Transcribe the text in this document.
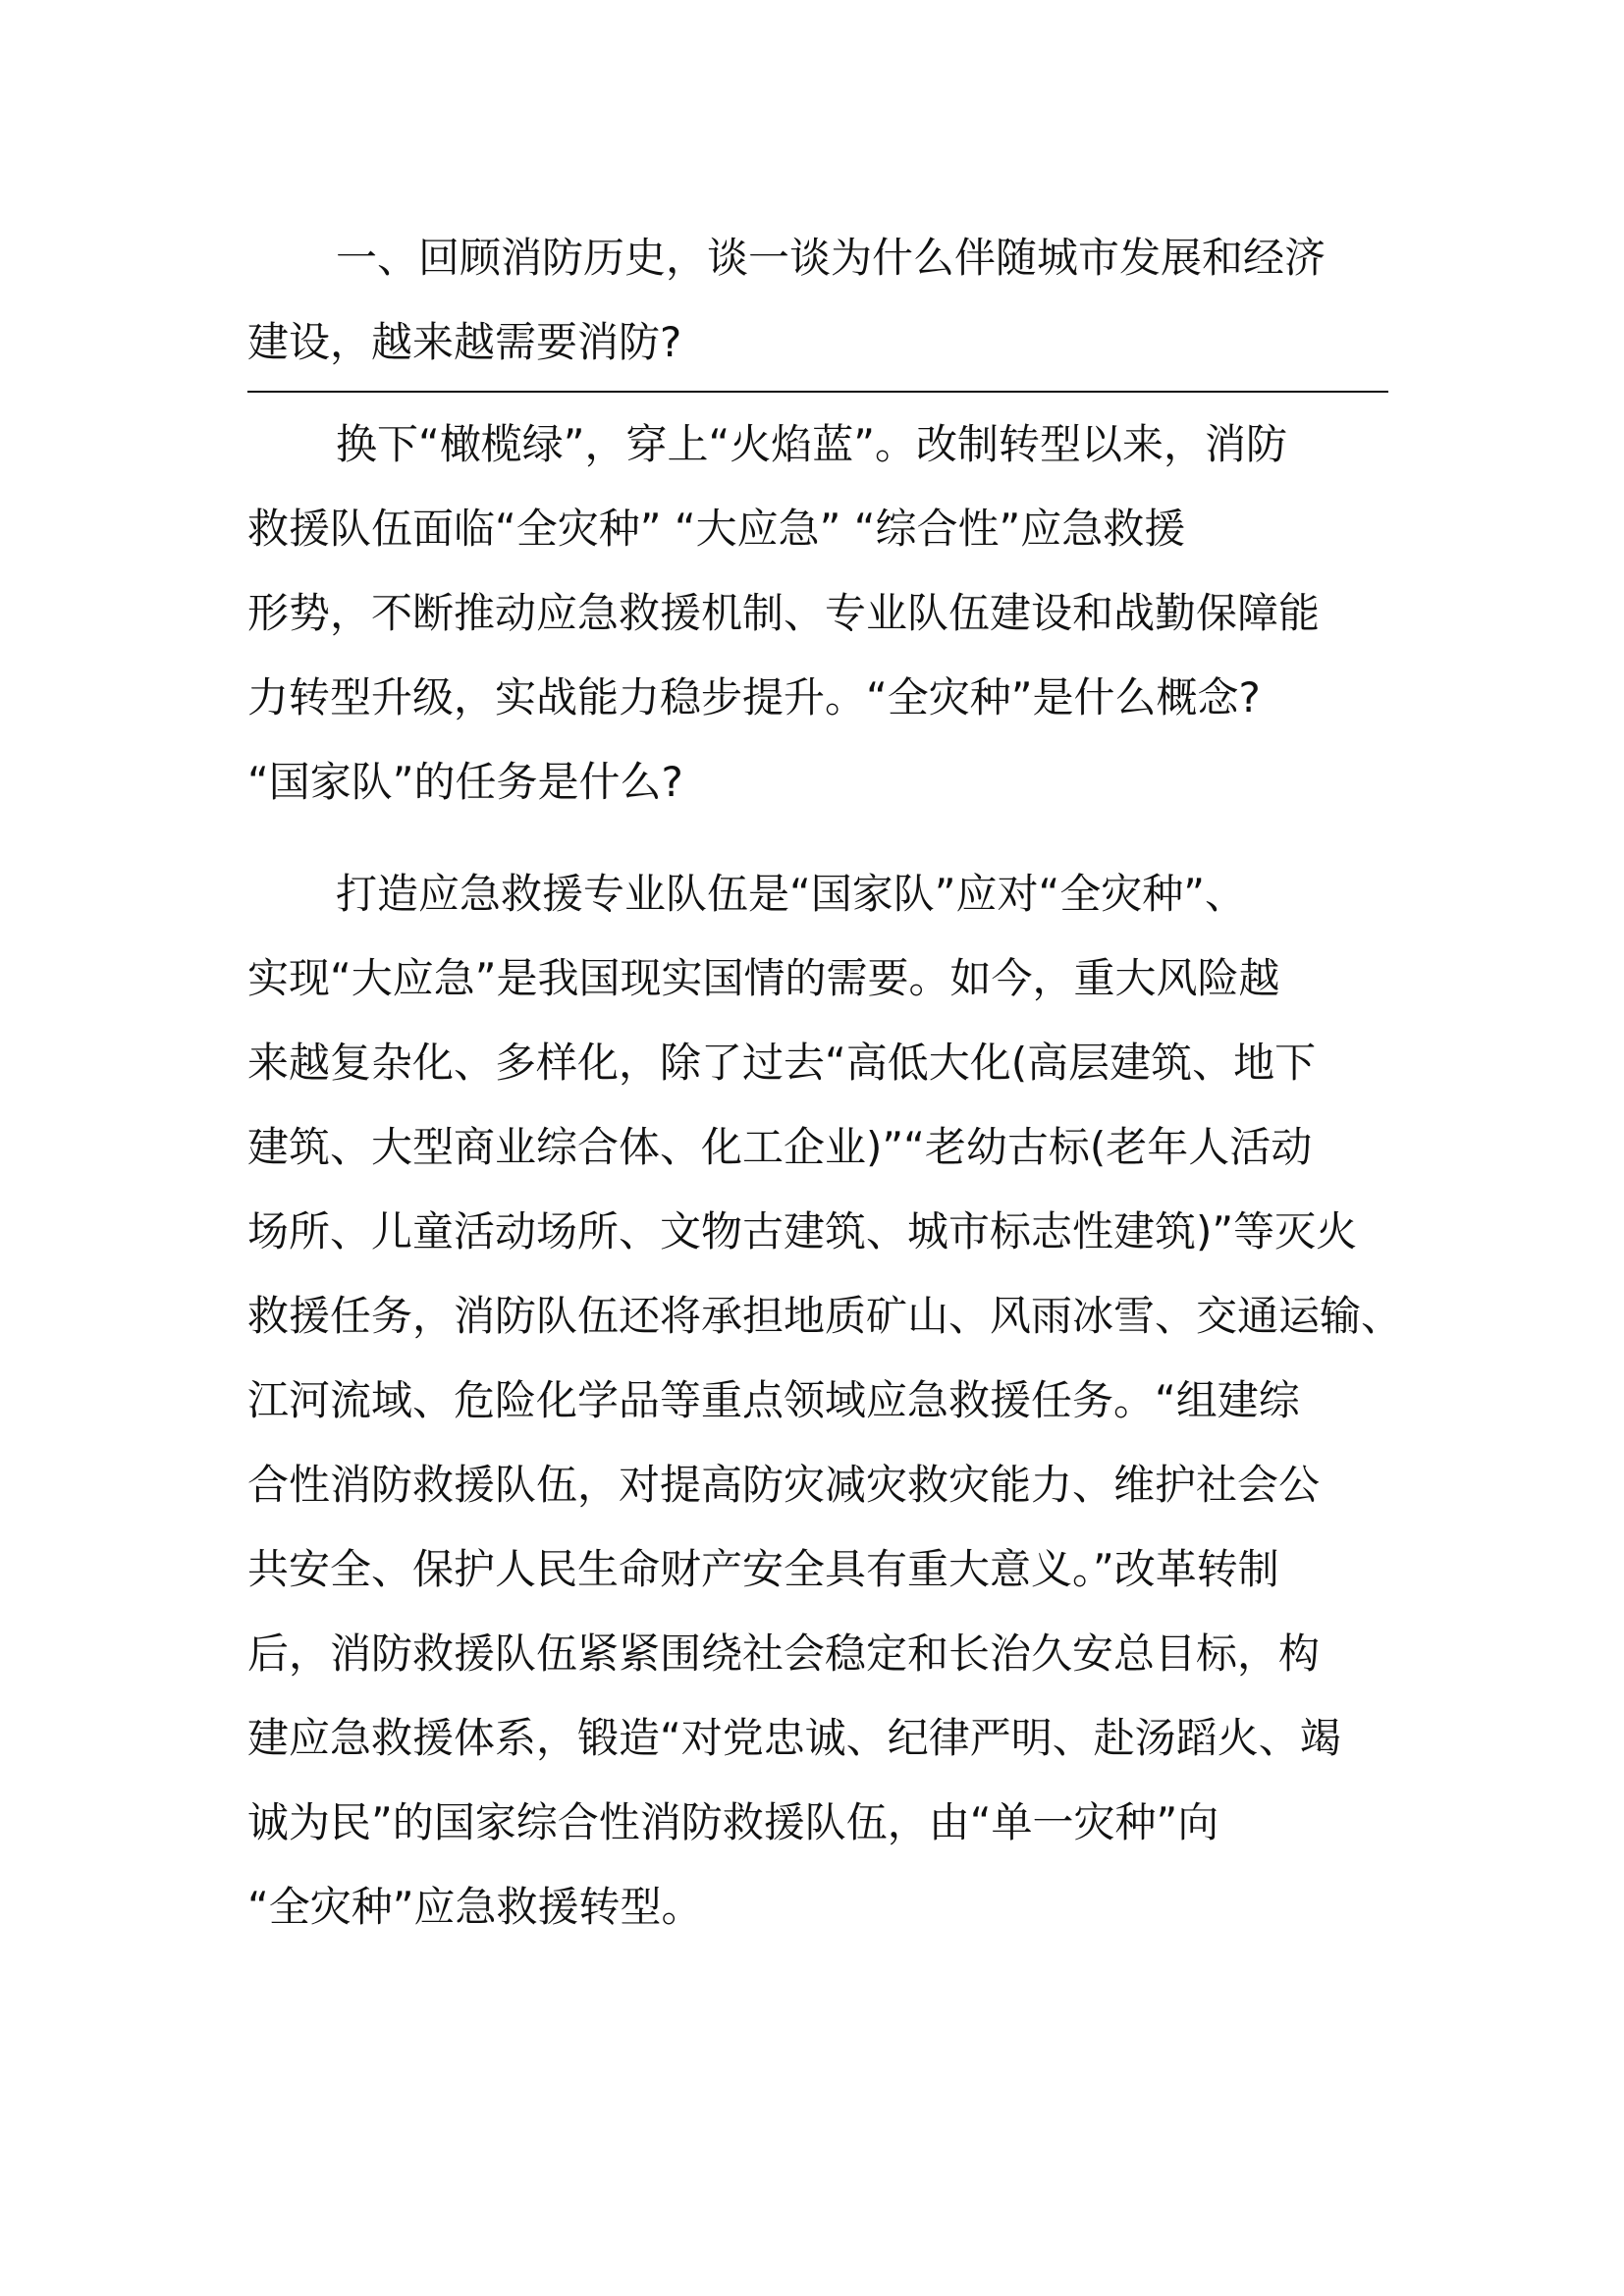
一、回顾消防历史，谈一谈为什么伴随城市发展和经济
建设，越来越需要消防?
换下“橄榄绿”，穿上“火焰蓝”。改制转型以来，消防
救援队伍面临“全灾种” “大应急” “综合性”应急救援
形势，不断推动应急救援机制、专业队伍建设和战勤保障能
力转型升级，实战能力稳步提升。“全灾种”是什么概念?
“国家队”的任务是什么?
打造应急救援专业队伍是“国家队”应对“全灾种”、
实现“大应急”是我国现实国情的需要。如今，重大风险越
来越复杂化、多样化，除了过去“高低大化(高层建筑、地下
建筑、大型商业综合体、化工企业)”“老幼古标(老年人活动
场所、儿童活动场所、文物古建筑、城市标志性建筑)”等灭火
救援任务，消防队伍还将承担地质矿山、风雨冰雪、交通运输、
江河流域、危险化学品等重点领域应急救援任务。“组建综
合性消防救援队伍，对提高防灾减灾救灾能力、维护社会公
共安全、保护人民生命财产安全具有重大意义。”改革转制
后，消防救援队伍紧紧围绕社会稳定和长治久安总目标，构
建应急救援体系，锻造“对党忠诚、纪律严明、赴汤蹈火、竭
诚为民”的国家综合性消防救援队伍，由“单一灾种”向
“全灾种”应急救援转型。
